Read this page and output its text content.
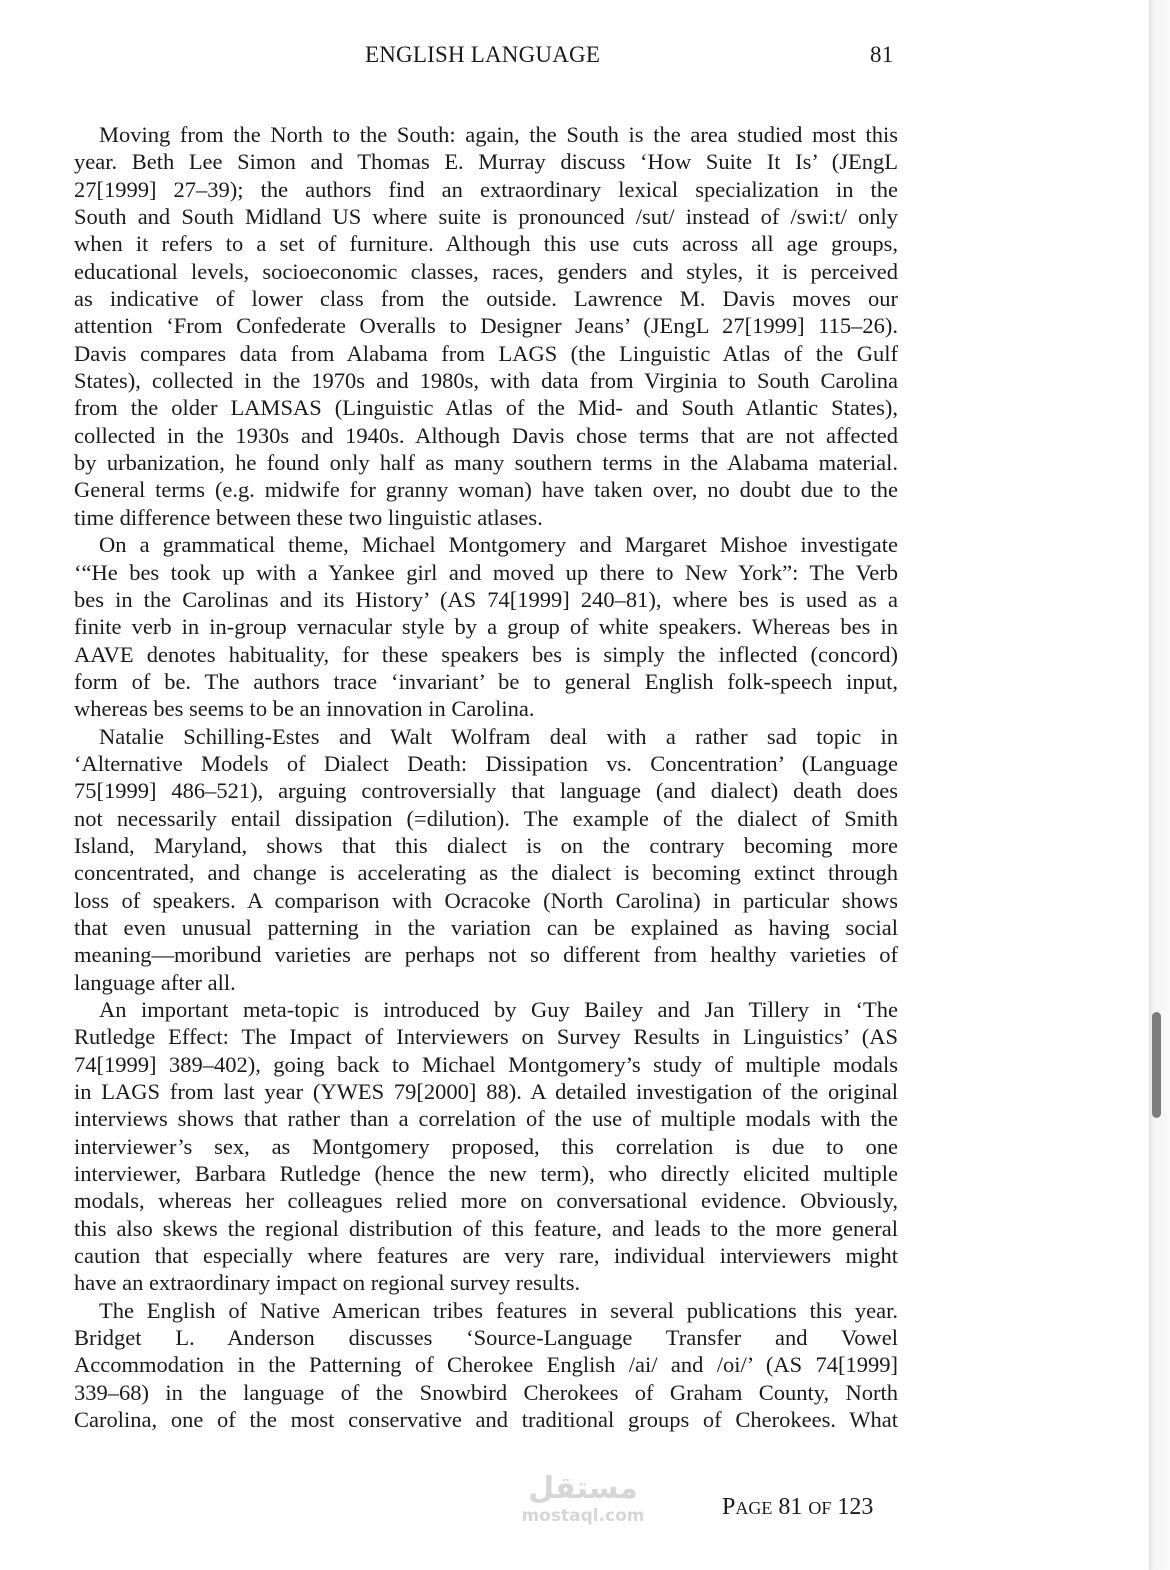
ENGLISH LANGUAGE	81
Moving from the North to the South: again, the South is the area studied most this
year. Beth Lee Simon and Thomas E. Murray discuss ‘How Suite It Is’ (JEngL
27[1999] 27–39); the authors find an extraordinary lexical specialization in the
South and South Midland US where suite is pronounced /sut/ instead of /swi:t/ only
when it refers to a set of furniture. Although this use cuts across all age groups,
educational levels, socioeconomic classes, races, genders and styles, it is perceived
as indicative of lower class from the outside. Lawrence M. Davis moves our
attention ‘From Confederate Overalls to Designer Jeans’ (JEngL 27[1999] 115–26).
Davis compares data from Alabama from LAGS (the Linguistic Atlas of the Gulf
States), collected in the 1970s and 1980s, with data from Virginia to South Carolina
from the older LAMSAS (Linguistic Atlas of the Mid- and South Atlantic States),
collected in the 1930s and 1940s. Although Davis chose terms that are not affected
by urbanization, he found only half as many southern terms in the Alabama material.
General terms (e.g. midwife for granny woman) have taken over, no doubt due to the
time difference between these two linguistic atlases.
On a grammatical theme, Michael Montgomery and Margaret Mishoe investigate
‘“He bes took up with a Yankee girl and moved up there to New York”: The Verb
bes in the Carolinas and its History’ (AS 74[1999] 240–81), where bes is used as a
finite verb in in-group vernacular style by a group of white speakers. Whereas bes in
AAVE denotes habituality, for these speakers bes is simply the inflected (concord)
form of be. The authors trace ‘invariant’ be to general English folk-speech input,
whereas bes seems to be an innovation in Carolina.
Natalie Schilling-Estes and Walt Wolfram deal with a rather sad topic in
‘Alternative Models of Dialect Death: Dissipation vs. Concentration’ (Language
75[1999] 486–521), arguing controversially that language (and dialect) death does
not necessarily entail dissipation (=dilution). The example of the dialect of Smith
Island, Maryland, shows that this dialect is on the contrary becoming more
concentrated, and change is accelerating as the dialect is becoming extinct through
loss of speakers. A comparison with Ocracoke (North Carolina) in particular shows
that even unusual patterning in the variation can be explained as having social
meaning—moribund varieties are perhaps not so different from healthy varieties of
language after all.
An important meta-topic is introduced by Guy Bailey and Jan Tillery in ‘The
Rutledge Effect: The Impact of Interviewers on Survey Results in Linguistics’ (AS
74[1999] 389–402), going back to Michael Montgomery’s study of multiple modals
in LAGS from last year (YWES 79[2000] 88). A detailed investigation of the original
interviews shows that rather than a correlation of the use of multiple modals with the
interviewer’s sex, as Montgomery proposed, this correlation is due to one
interviewer, Barbara Rutledge (hence the new term), who directly elicited multiple
modals, whereas her colleagues relied more on conversational evidence. Obviously,
this also skews the regional distribution of this feature, and leads to the more general
caution that especially where features are very rare, individual interviewers might
have an extraordinary impact on regional survey results.
The English of Native American tribes features in several publications this year.
Bridget L. Anderson discusses ‘Source-Language Transfer and Vowel
Accommodation in the Patterning of Cherokee English /ai/ and /oi/’ (AS 74[1999]
339–68) in the language of the Snowbird Cherokees of Graham County, North
Carolina, one of the most conservative and traditional groups of Cherokees. What
مستقل
mostaql.com	PAGE 81 OF 123
